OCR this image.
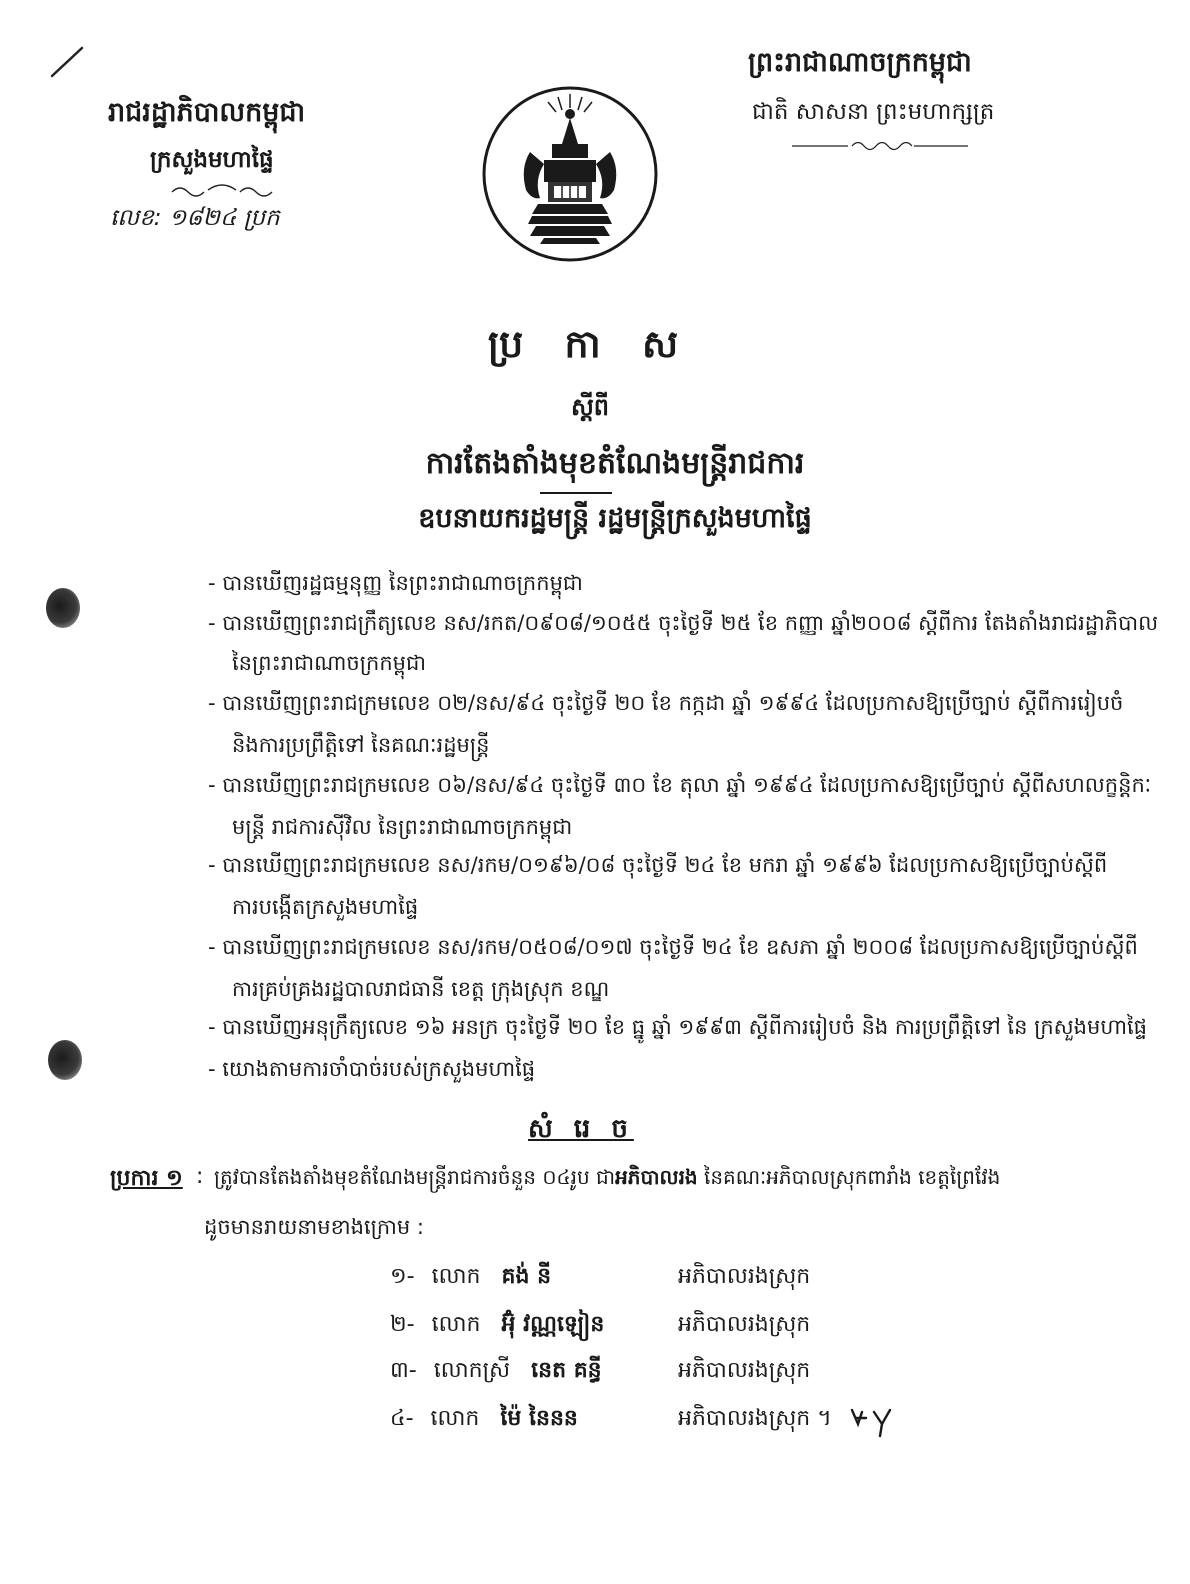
ព្រះរាជាណាចក្រកម្ពុជា
ជាតិ សាសនា ព្រះមហាក្សត្រ
រាជរដ្ឋាភិបាលកម្ពុជា
ក្រសួងមហាផ្ទៃ
លេខ: ១៨២៤ ប្រក
ប្រ កា ស
ស្តីពី
ការតែងតាំងមុខតំណែងមន្ត្រីរាជការ
ឧបនាយករដ្ឋមន្ត្រី រដ្ឋមន្ត្រីក្រសួងមហាផ្ទៃ
- បានឃើញរដ្ឋធម្មនុញ្ញ នៃព្រះរាជាណាចក្រកម្ពុជា
- បានឃើញព្រះរាជក្រឹត្យលេខ នស/រកត/០៩០៨/១០៥៥ ចុះថ្ងៃទី ២៥ ខែ កញ្ញា ឆ្នាំ២០០៨ ស្តីពីការ តែងតាំងរាជរដ្ឋាភិបាល
នៃព្រះរាជាណាចក្រកម្ពុជា
- បានឃើញព្រះរាជក្រមលេខ ០២/នស/៩៤ ចុះថ្ងៃទី ២០ ខែ កក្កដា ឆ្នាំ ១៩៩៤ ដែលប្រកាសឱ្យប្រើច្បាប់ ស្តីពីការរៀបចំ
និងការប្រព្រឹត្តិទៅ នៃគណៈរដ្ឋមន្ត្រី
- បានឃើញព្រះរាជក្រមលេខ ០៦/នស/៩៤ ចុះថ្ងៃទី ៣០ ខែ តុលា ឆ្នាំ ១៩៩៤ ដែលប្រកាសឱ្យប្រើច្បាប់ ស្តីពីសហលក្ខន្តិកៈ
មន្ត្រី រាជការស៊ីវិល នៃព្រះរាជាណាចក្រកម្ពុជា
- បានឃើញព្រះរាជក្រមលេខ នស/រកម/០១៩៦/០៨ ចុះថ្ងៃទី ២៤ ខែ មករា ឆ្នាំ ១៩៩៦ ដែលប្រកាសឱ្យប្រើច្បាប់ស្តីពី
ការបង្កើតក្រសួងមហាផ្ទៃ
- បានឃើញព្រះរាជក្រមលេខ នស/រកម/០៥០៨/០១៧ ចុះថ្ងៃទី ២៤ ខែ ឧសភា ឆ្នាំ ២០០៨ ដែលប្រកាសឱ្យប្រើច្បាប់ស្តីពី
ការគ្រប់គ្រងរដ្ឋបាលរាជធានី ខេត្ត ក្រុងស្រុក ខណ្ឌ
- បានឃើញអនុក្រឹត្យលេខ ១៦ អនក្រ ចុះថ្ងៃទី ២០ ខែ ធ្នូ ឆ្នាំ ១៩៩៣ ស្តីពីការរៀបចំ និង ការប្រព្រឹត្តិទៅ នៃ ក្រសួងមហាផ្ទៃ
- យោងតាមការចាំបាច់របស់ក្រសួងមហាផ្ទៃ
សំ រេ ច
ប្រការ ១ : ត្រូវបានតែងតាំងមុខតំណែងមន្ត្រីរាជការចំនួន ០៤រូប ជាអភិបាលរង នៃគណៈអភិបាលស្រុកពារាំង ខេត្តព្រៃវែង
ដូចមានរាយនាមខាងក្រោម :
១- លោក គង់ នី	អភិបាលរងស្រុក
២- លោក អ៊ុំ វណ្ណឡៀន	អភិបាលរងស្រុក
៣- លោកស្រី នេត គន្ធី	អភិបាលរងស្រុក
៤- លោក ម៉ៃ នៃនន	អភិបាលរងស្រុក ។
